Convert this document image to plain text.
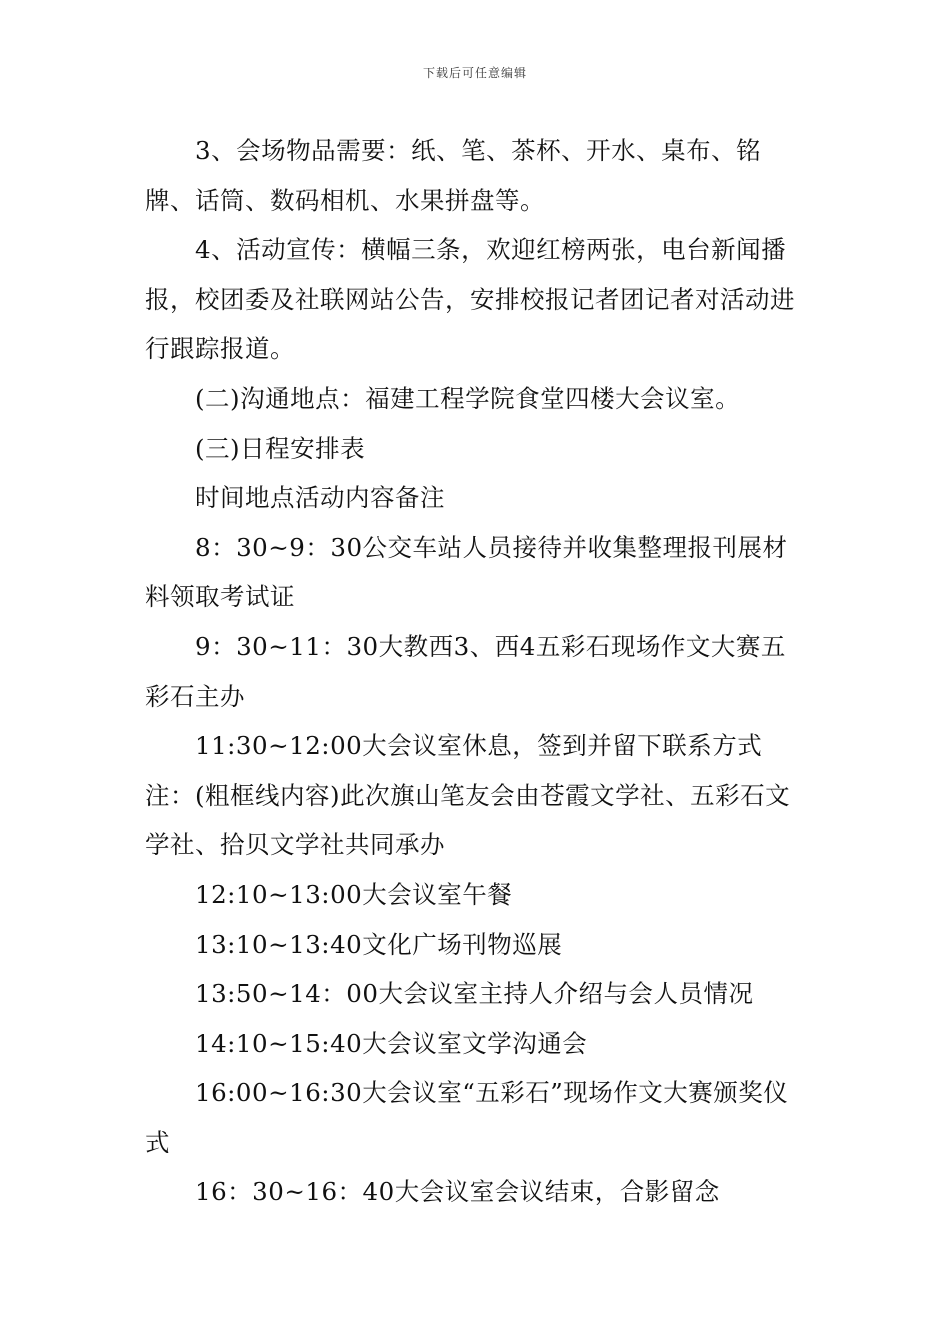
下载后可任意编辑

3、会场物品需要：纸、笔、茶杯、开水、桌布、铭牌、话筒、数码相机、水果拼盘等。

4、活动宣传：横幅三条，欢迎红榜两张，电台新闻播报，校团委及社联网站公告，安排校报记者团记者对活动进行跟踪报道。

(二)沟通地点：福建工程学院食堂四楼大会议室。

(三)日程安排表

时间地点活动内容备注

8：30~9：30公交车站人员接待并收集整理报刊展材料领取考试证

9：30~11：30大教西3、西4五彩石现场作文大赛五彩石主办

11:30~12:00大会议室休息，签到并留下联系方式注：(粗框线内容)此次旗山笔友会由苍霞文学社、五彩石文学社、拾贝文学社共同承办

12:10~13:00大会议室午餐

13:10~13:40文化广场刊物巡展

13:50~14：00大会议室主持人介绍与会人员情况

14:10~15:40大会议室文学沟通会

16:00~16:30大会议室“五彩石”现场作文大赛颁奖仪式

16：30~16：40大会议室会议结束，合影留念
